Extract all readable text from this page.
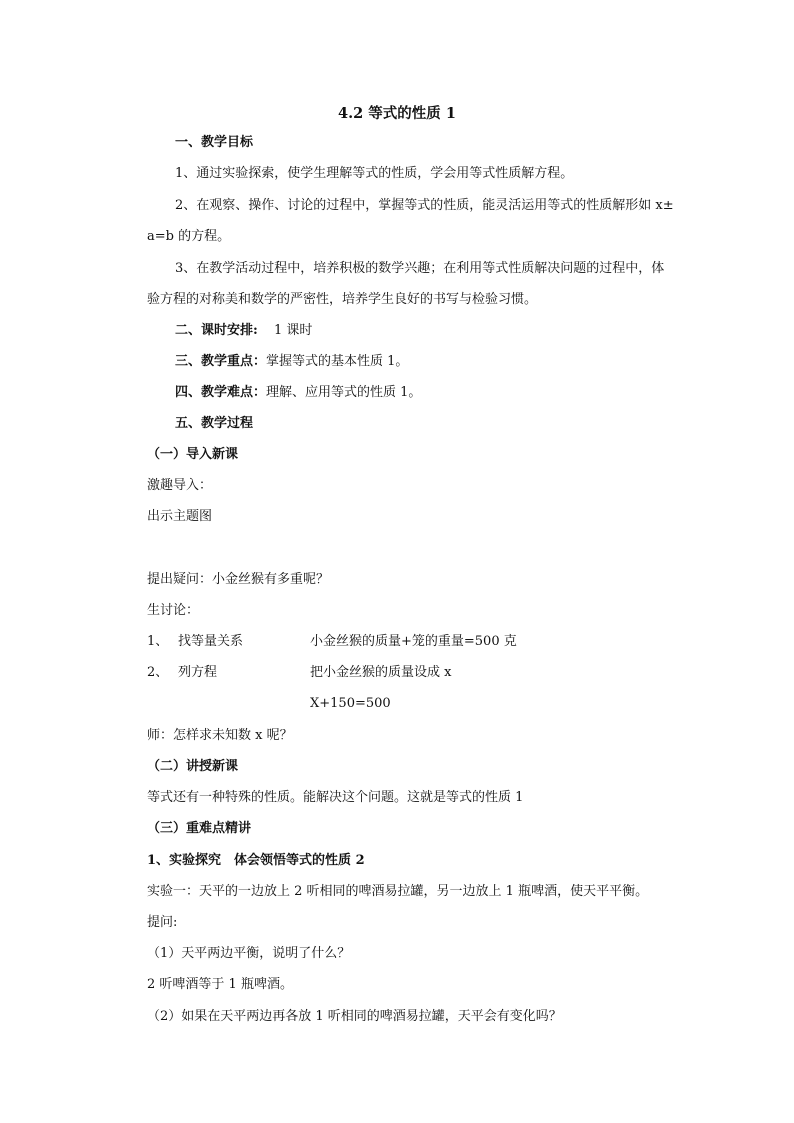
4.2 等式的性质 1
一、教学目标
1、通过实验探索，使学生理解等式的性质，学会用等式性质解方程。
2、在观察、操作、讨论的过程中，掌握等式的性质，能灵活运用等式的性质解形如 x±
a=b 的方程。
3、在教学活动过程中，培养积极的数学兴趣；在利用等式性质解决问题的过程中，体
验方程的对称美和数学的严密性，培养学生良好的书写与检验习惯。
二、课时安排: 1 课时
三、教学重点：掌握等式的基本性质 1。
四、教学难点：理解、应用等式的性质 1。
五、教学过程
（一）导入新课
激趣导入：
出示主题图
提出疑问：小金丝猴有多重呢？
生讨论：
1、 找等量关系	小金丝猴的质量+笼的重量=500 克
2、 列方程	把小金丝猴的质量设成 x
X+150=500
师：怎样求未知数 x 呢？
（二）讲授新课
等式还有一种特殊的性质。能解决这个问题。这就是等式的性质 1
（三）重难点精讲
1、实验探究　体会领悟等式的性质 2
实验一：天平的一边放上 2 听相同的啤酒易拉罐，另一边放上 1 瓶啤酒，使天平平衡。
提问:
（1）天平两边平衡，说明了什么？
2 听啤酒等于 1 瓶啤酒。
（2）如果在天平两边再各放 1 听相同的啤酒易拉罐，天平会有变化吗？
